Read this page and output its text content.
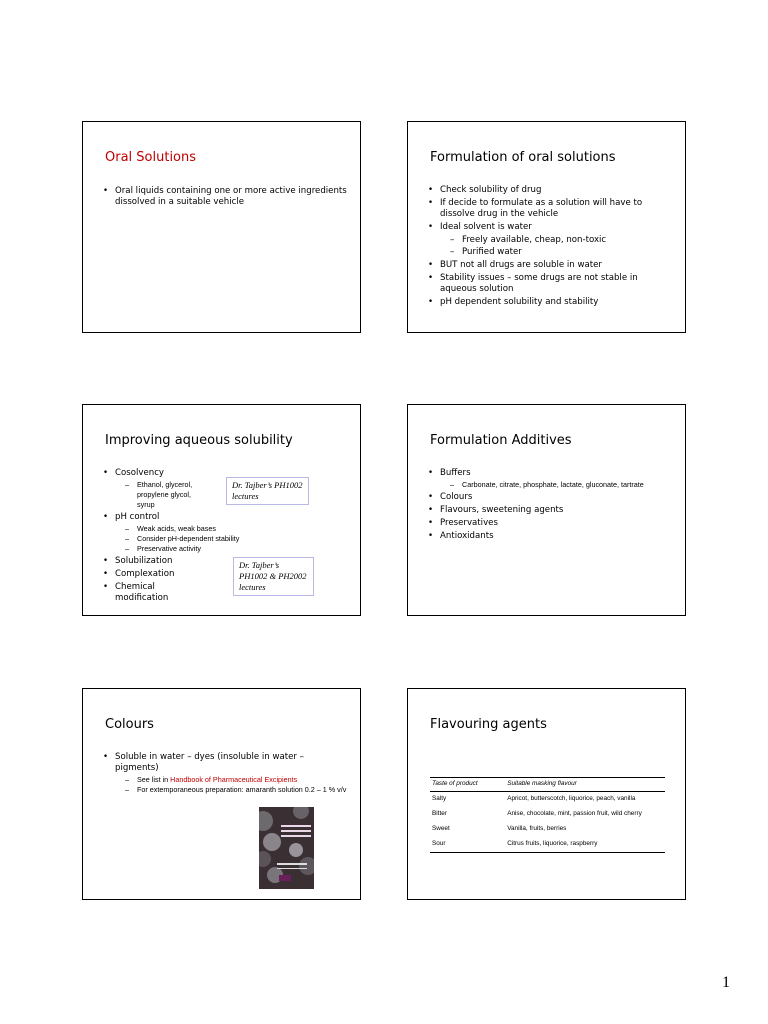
Oral Solutions
• Oral liquids containing one or more active ingredients dissolved in a suitable vehicle
Formulation of oral solutions
• Check solubility of drug
• If decide to formulate as a solution will have to dissolve drug in the vehicle
• Ideal solvent is water
– Freely available, cheap, non-toxic
– Purified water
• BUT not all drugs are soluble in water
• Stability issues – some drugs are not stable in aqueous solution
• pH dependent solubility and stability
Improving aqueous solubility
• Cosolvency
– Ethanol, glycerol, propylene glycol, syrup
• pH control
– Weak acids, weak bases
– Consider pH-dependent stability
– Preservative activity
• Solubilization
• Complexation
• Chemical modification
Dr. Tajber’s PH1002 lectures
Dr. Tajber’s PH1002 & PH2002 lectures
Formulation Additives
• Buffers
– Carbonate, citrate, phosphate, lactate, gluconate, tartrate
• Colours
• Flavours, sweetening agents
• Preservatives
• Antioxidants
Colours
• Soluble in water – dyes (insoluble in water – pigments)
– See list in Handbook of Pharmaceutical Excipients
– For extemporaneous preparation: amaranth solution 0.2 – 1 % v/v
Flavouring agents
Taste of product	Suitable masking flavour
Salty	Apricot, butterscotch, liquorice, peach, vanilla
Bitter	Anise, chocolate, mint, passion fruit, wild cherry
Sweet	Vanilla, fruits, berries
Sour	Citrus fruits, liquorice, raspberry
1
